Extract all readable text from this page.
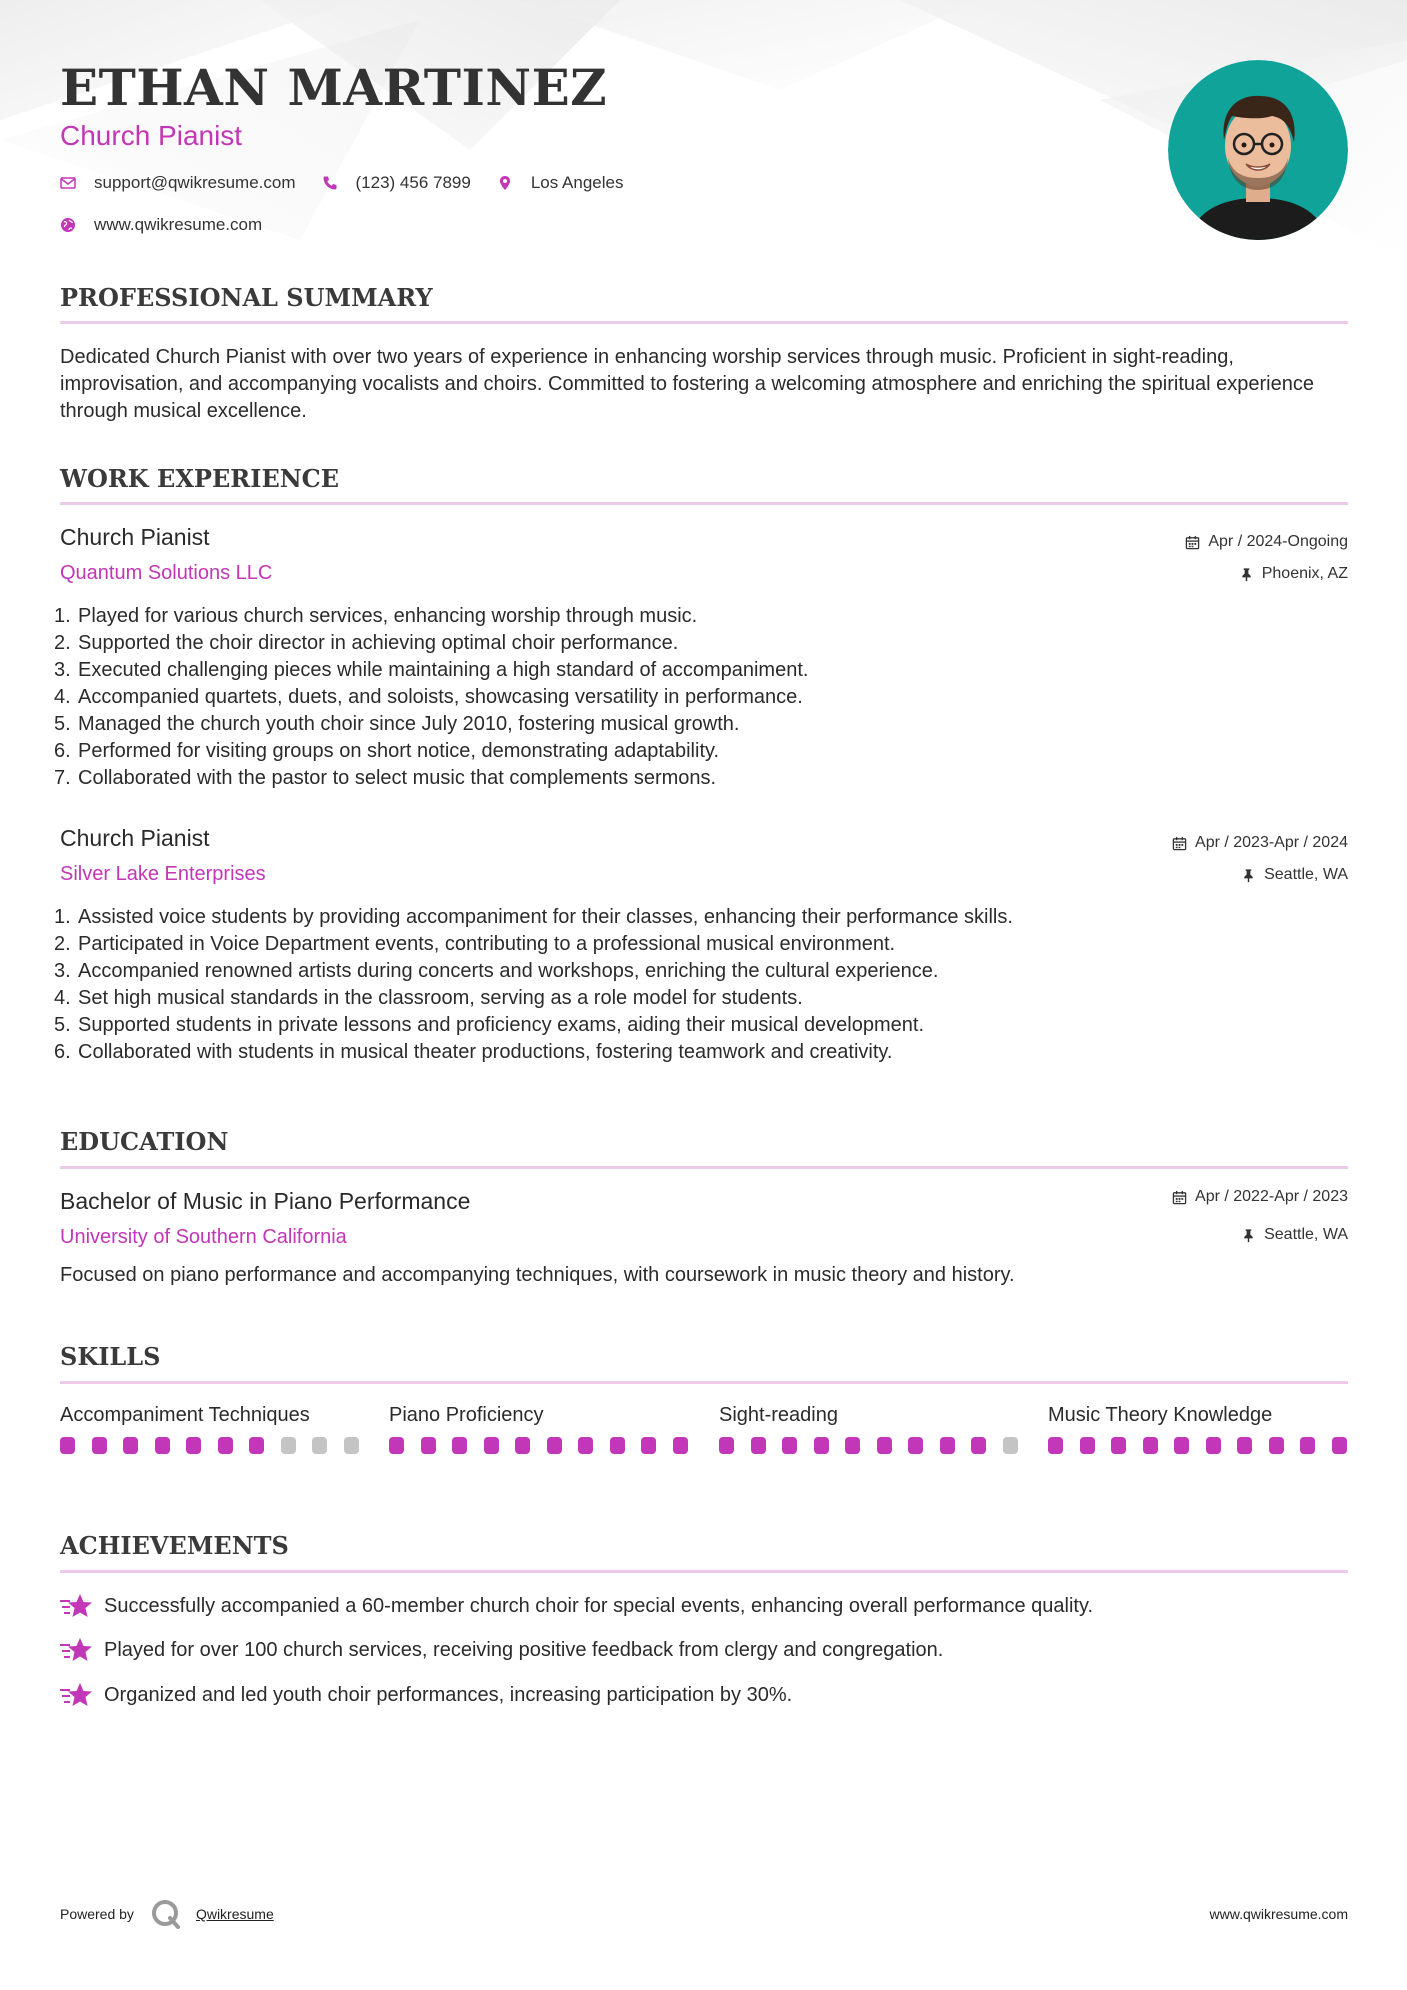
ETHAN MARTINEZ
Church Pianist
support@qwikresume.com	(123) 456 7899	Los Angeles
www.qwikresume.com
PROFESSIONAL SUMMARY
Dedicated Church Pianist with over two years of experience in enhancing worship services through music. Proficient in sight-reading, improvisation, and accompanying vocalists and choirs. Committed to fostering a welcoming atmosphere and enriching the spiritual experience through musical excellence.
WORK EXPERIENCE
Church Pianist
Quantum Solutions LLC
Apr / 2024-Ongoing
Phoenix, AZ
1. Played for various church services, enhancing worship through music.
2. Supported the choir director in achieving optimal choir performance.
3. Executed challenging pieces while maintaining a high standard of accompaniment.
4. Accompanied quartets, duets, and soloists, showcasing versatility in performance.
5. Managed the church youth choir since July 2010, fostering musical growth.
6. Performed for visiting groups on short notice, demonstrating adaptability.
7. Collaborated with the pastor to select music that complements sermons.
Church Pianist
Silver Lake Enterprises
Apr / 2023-Apr / 2024
Seattle, WA
1. Assisted voice students by providing accompaniment for their classes, enhancing their performance skills.
2. Participated in Voice Department events, contributing to a professional musical environment.
3. Accompanied renowned artists during concerts and workshops, enriching the cultural experience.
4. Set high musical standards in the classroom, serving as a role model for students.
5. Supported students in private lessons and proficiency exams, aiding their musical development.
6. Collaborated with students in musical theater productions, fostering teamwork and creativity.
EDUCATION
Bachelor of Music in Piano Performance
University of Southern California
Apr / 2022-Apr / 2023
Seattle, WA
Focused on piano performance and accompanying techniques, with coursework in music theory and history.
SKILLS
Accompaniment Techniques	Piano Proficiency	Sight-reading	Music Theory Knowledge
ACHIEVEMENTS
Successfully accompanied a 60-member church choir for special events, enhancing overall performance quality.
Played for over 100 church services, receiving positive feedback from clergy and congregation.
Organized and led youth choir performances, increasing participation by 30%.
Powered by	Qwikresume	www.qwikresume.com
